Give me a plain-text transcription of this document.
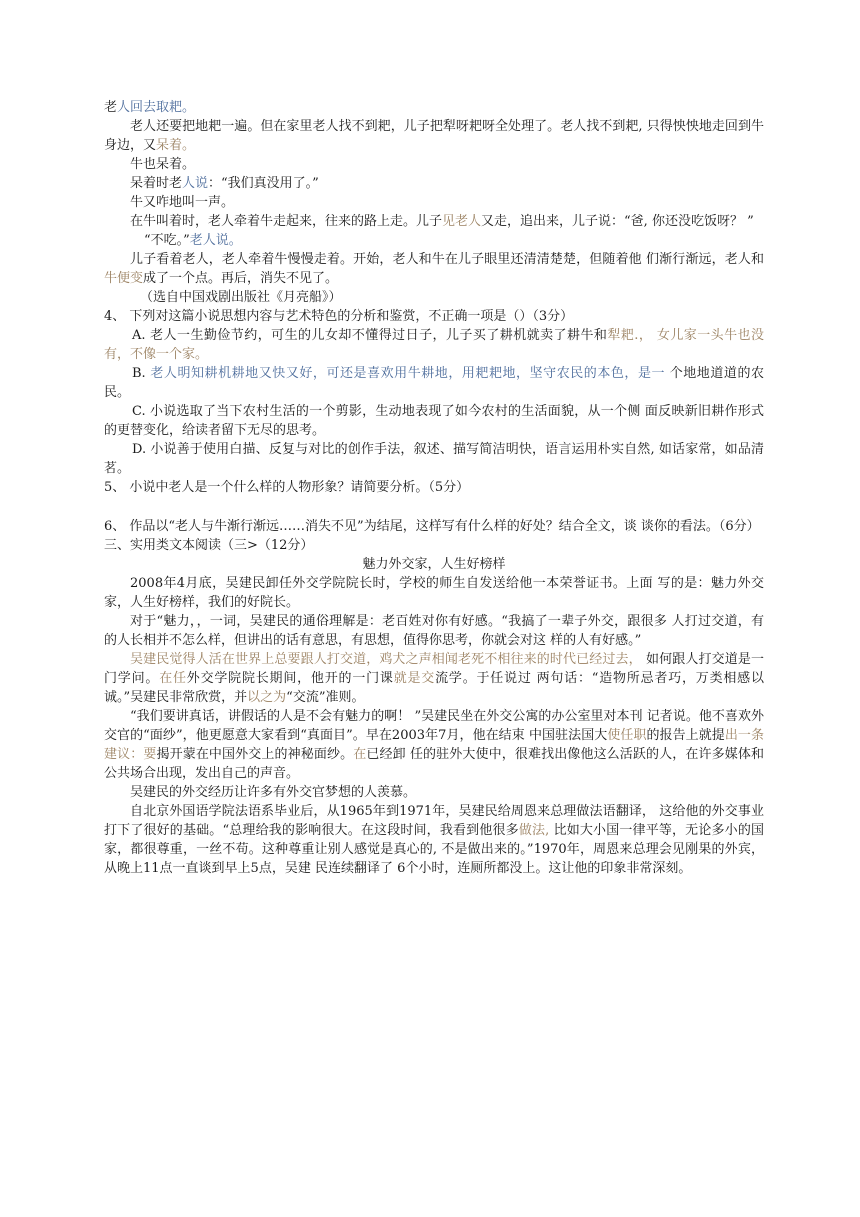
老人回去取耙。

老人还要把地耙一遍。但在家里老人找不到耙，儿子把犁呀耙呀全处理了。老人找不到耙, 只得怏怏地走回到牛身边，又呆着。

牛也呆着。

呆着时老人说：“我们真没用了。”

牛又咋地叫一声。

在牛叫着时，老人牵着牛走起来，往来的路上走。儿子见老人又走，追出来，儿子说：“爸, 你还没吃饭呀？ ”

“不吃。”老人说。

儿子看着老人，老人牵着牛慢慢走着。开始，老人和牛在儿子眼里还清清楚楚，但随着他 们渐行渐远，老人和牛便变成了一个点。再后，消失不见了。

（选自中国戏剧出版社《月亮船》）

4、 下列对这篇小说思想内容与艺术特色的分析和鉴赏，不正确一项是（）（3分）

A. 老人一生勤俭节约，可生的儿女却不懂得过日子，儿子买了耕机就卖了耕牛和犁耙.， 女儿家一头牛也没有，不像一个家。

B. 老人明知耕机耕地又快又好，可还是喜欢用牛耕地，用耙耙地，坚守农民的本色，是一 个地地道道的农民。

C. 小说选取了当下农村生活的一个剪影，生动地表现了如今农村的生活面貌，从一个侧 面反映新旧耕作形式的更替变化，给读者留下无尽的思考。

D. 小说善于使用白描、反复与对比的创作手法，叙述、描写简洁明快，语言运用朴实自然, 如话家常，如品清茗。

5、 小说中老人是一个什么样的人物形象？请简要分析。（5分）

6、 作品以“老人与牛渐行渐远……消失不见”为结尾，这样写有什么样的好处？结合全文，谈 谈你的看法。（6分）

三、实用类文本阅读（三>（12分）

魅力外交家，人生好榜样

2008年4月底，吴建民卸任外交学院院长时，学校的师生自发送给他一本荣誉证书。上面 写的是：魅力外交家，人生好榜样，我们的好院长。

对于“魅力，，一词，吴建民的通俗理解是：老百姓对你有好感。“我搞了一辈子外交，跟很多 人打过交道，有的人长相并不怎么样，但讲出的话有意思，有思想，值得你思考，你就会对这 样的人有好感。”

吴建民觉得人活在世界上总要跟人打交道，鸡犬之声相闻老死不相往来的时代已经过去， 如何跟人打交道是一门学问。在任外交学院院长期间，他开的一门课就是交流学。于任说过 两句话：“造物所忌者巧，万类相感以诚。”吴建民非常欣赏，并以之为“交流”准则。

“我们要讲真话，讲假话的人是不会有魅力的啊！ ”吴建民坐在外交公寓的办公室里对本刊 记者说。他不喜欢外交官的“面纱”，他更愿意大家看到“真面目”。早在2003年7月，他在结束 中国驻法国大使任职的报告上就提出一条建议：要揭开蒙在中国外交上的神秘面纱。在已经卸 任的驻外大使中，很难找出像他这么活跃的人，在许多媒体和公共场合出现，发出自己的声音。

吴建民的外交经历让许多有外交官梦想的人羡慕。

自北京外国语学院法语系毕业后，从1965年到1971年，吴建民给周恩来总理做法语翻译， 这给他的外交事业打下了很好的基础。“总理给我的影响很大。在这段时间，我看到他很多做法, 比如大小国一律平等，无论多小的国家，都很尊重，一丝不苟。这种尊重让别人感觉是真心的, 不是做出来的。”1970年，周恩来总理会见刚果的外宾，从晚上11点一直谈到早上5点，吴建 民连续翻译了 6个小时，连厕所都没上。这让他的印象非常深刻。
